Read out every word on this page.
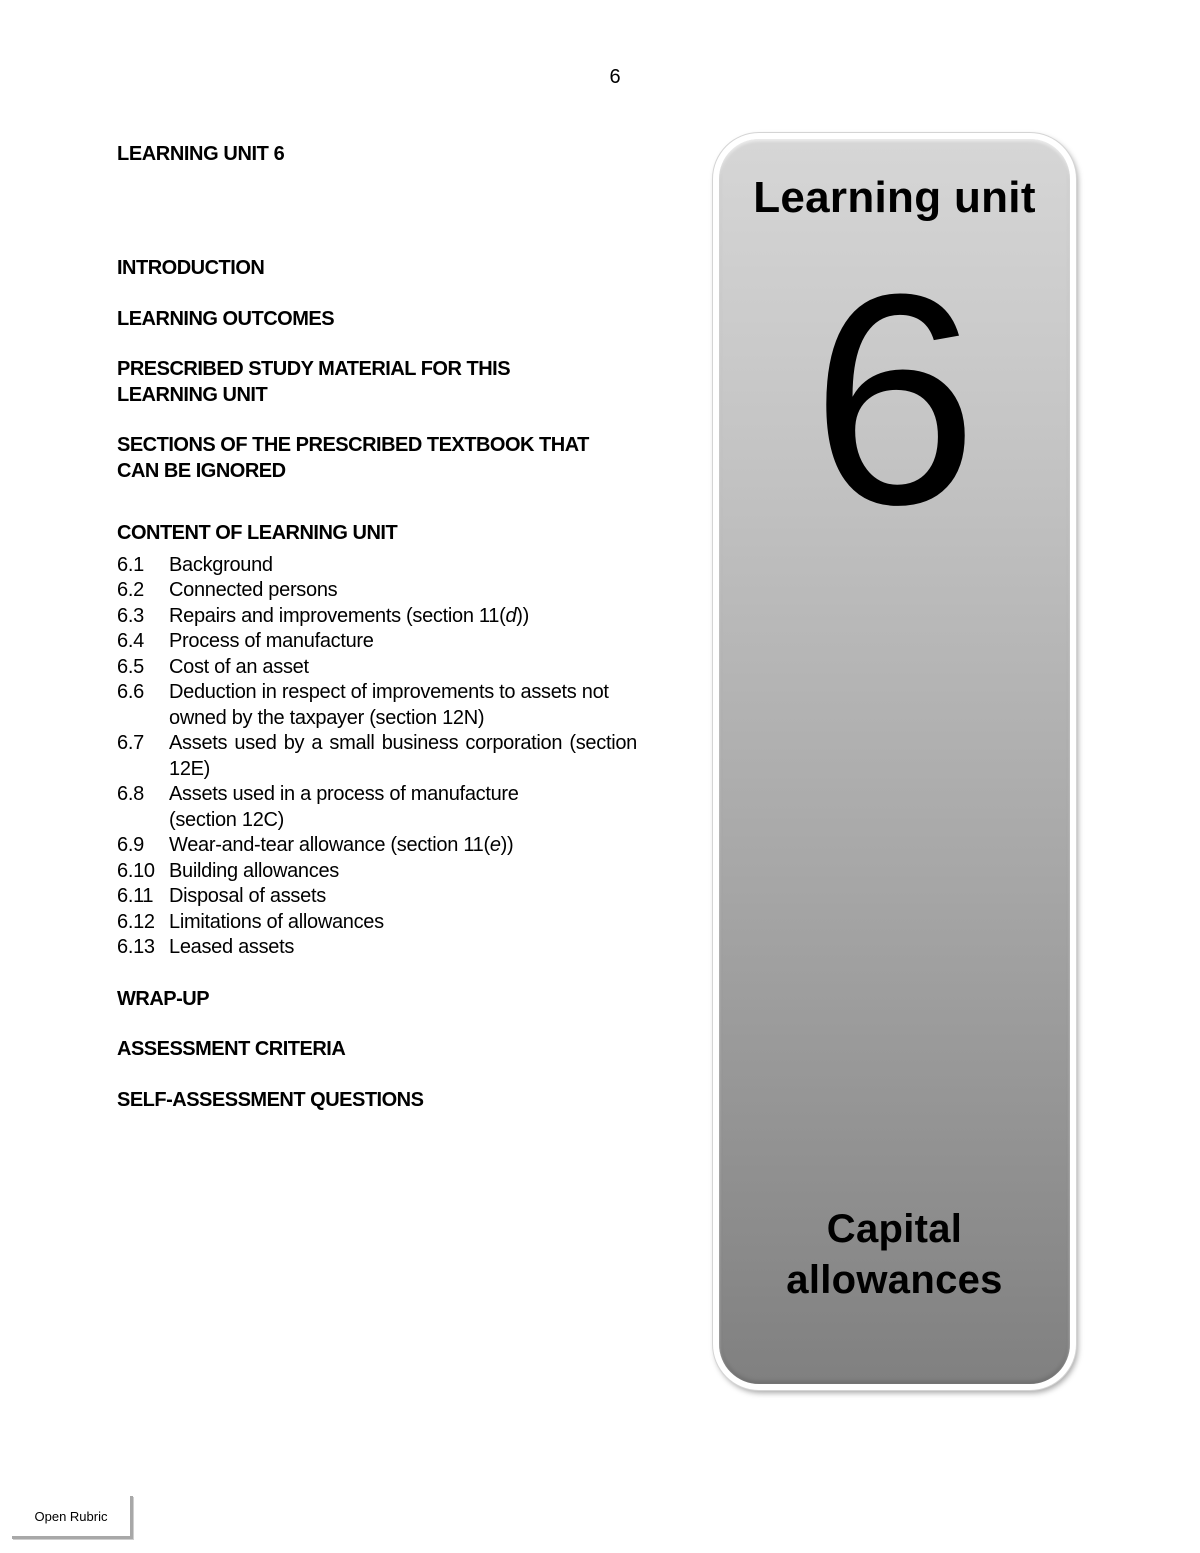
6
LEARNING UNIT 6

INTRODUCTION

LEARNING OUTCOMES

PRESCRIBED STUDY MATERIAL FOR THIS LEARNING UNIT

SECTIONS OF THE PRESCRIBED TEXTBOOK THAT CAN BE IGNORED

CONTENT OF LEARNING UNIT

6.1	Background
6.2	Connected persons
6.3	Repairs and improvements (section 11(d))
6.4	Process of manufacture
6.5	Cost of an asset
6.6	Deduction in respect of improvements to assets not owned by the taxpayer (section 12N)
6.7	Assets used by a small business corporation (section 12E)
6.8	Assets used in a process of manufacture (section 12C)
6.9	Wear-and-tear allowance (section 11(e))
6.10 Building allowances
6.11 Disposal of assets
6.12 Limitations of allowances
6.13 Leased assets

WRAP-UP

ASSESSMENT CRITERIA

SELF-ASSESSMENT QUESTIONS

Learning unit
6
Capital allowances
Open Rubric
